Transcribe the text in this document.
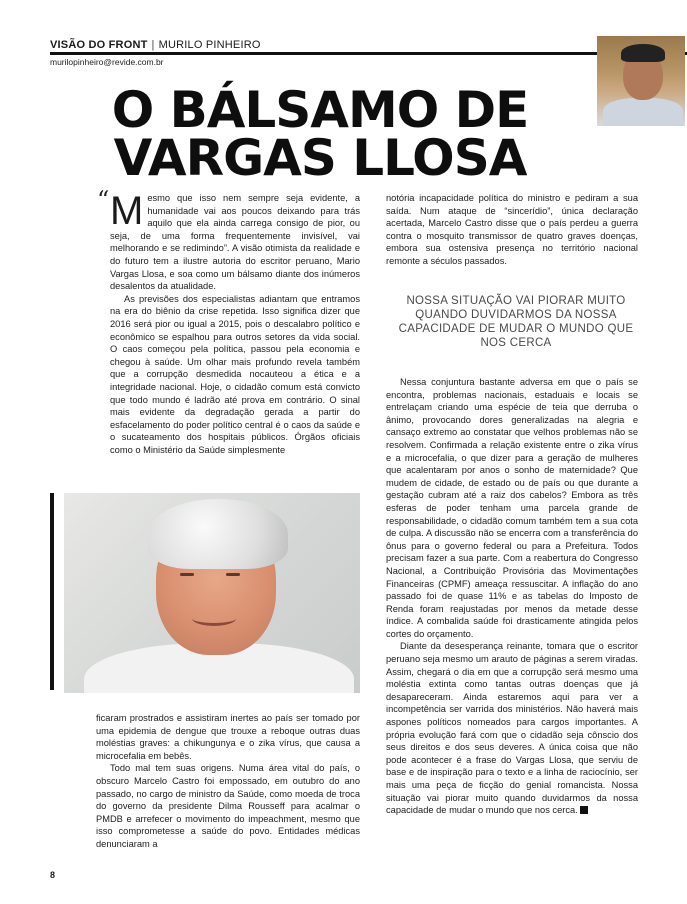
VISÃO DO FRONT | MURILO PINHEIRO
murilopinheiro@revide.com.br
O BÁLSAMO DE VARGAS LLOSA
“ Mesmo que isso nem sempre seja evidente, a humanidade vai aos poucos deixando para trás aquilo que ela ainda carrega consigo de pior, ou seja, de uma forma frequentemente invisível, vai melhorando e se redimindo”. A visão otimista da realidade e do futuro tem a ilustre autoria do escritor peruano, Mario Vargas Llosa, e soa como um bálsamo diante dos inúmeros desalentos da atualidade.

As previsões dos especialistas adiantam que entramos na era do biênio da crise repetida. Isso significa dizer que 2016 será pior ou igual a 2015, pois o descalabro político e econômico se espalhou para outros setores da vida social. O caos começou pela política, passou pela economia e chegou à saúde. Um olhar mais profundo revela também que a corrupção desmedida nocauteou a ética e a integridade nacional. Hoje, o cidadão comum está convicto que todo mundo é ladrão até prova em contrário. O sinal mais evidente da degradação gerada a partir do esfacelamento do poder político central é o caos da saúde e o sucateamento dos hospitais públicos. Órgãos oficiais como o Ministério da Saúde simplesmente

ficaram prostrados e assistiram inertes ao país ser tomado por uma epidemia de dengue que trouxe a reboque outras duas moléstias graves: a chikungunya e o zika vírus, que causa a microcefalia em bebês.

Todo mal tem suas origens. Numa área vital do país, o obscuro Marcelo Castro foi empossado, em outubro do ano passado, no cargo de ministro da Saúde, como moeda de troca do governo da presidente Dilma Rousseff para acalmar o PMDB e arrefecer o movimento do impeachment, mesmo que isso comprometesse a saúde do povo. Entidades médicas denunciaram a

notória incapacidade política do ministro e pediram a sua saída. Num ataque de “sincerídio”, única declaração acertada, Marcelo Castro disse que o país perdeu a guerra contra o mosquito transmissor de quatro graves doenças, embora sua ostensiva presença no território nacional remonte a séculos passados.

NOSSA SITUAÇÃO VAI PIORAR MUITO QUANDO DUVIDARMOS DA NOSSA CAPACIDADE DE MUDAR O MUNDO QUE NOS CERCA

Nessa conjuntura bastante adversa em que o país se encontra, problemas nacionais, estaduais e locais se entrelaçam criando uma espécie de teia que derruba o ânimo, provocando dores generalizadas na alegria e cansaço extremo ao constatar que velhos problemas não se resolvem. Confirmada a relação existente entre o zika vírus e a microcefalia, o que dizer para a geração de mulheres que acalentaram por anos o sonho de maternidade? Que mudem de cidade, de estado ou de país ou que durante a gestação cubram até a raiz dos cabelos? Embora as três esferas de poder tenham uma parcela grande de responsabilidade, o cidadão comum também tem a sua cota de culpa. A discussão não se encerra com a transferência do ônus para o governo federal ou para a Prefeitura. Todos precisam fazer a sua parte. Com a reabertura do Congresso Nacional, a Contribuição Provisória das Movimentações Financeiras (CPMF) ameaça ressuscitar. A inflação do ano passado foi de quase 11% e as tabelas do Imposto de Renda foram reajustadas por menos da metade desse índice. A combalida saúde foi drasticamente atingida pelos cortes do orçamento.

Diante da desesperança reinante, tomara que o escritor peruano seja mesmo um arauto de páginas a serem viradas. Assim, chegará o dia em que a corrupção será mesmo uma moléstia extinta como tantas outras doenças que já desapareceram. Ainda estaremos aqui para ver a incompetência ser varrida dos ministérios. Não haverá mais aspones políticos nomeados para cargos importantes. A própria evolução fará com que o cidadão seja cônscio dos seus direitos e dos seus deveres. A única coisa que não pode acontecer é a frase do Vargas Llosa, que serviu de base e de inspiração para o texto e a linha de raciocínio, ser mais uma peça de ficção do genial romancista. Nossa situação vai piorar muito quando duvidarmos da nossa capacidade de mudar o mundo que nos cerca.

8
